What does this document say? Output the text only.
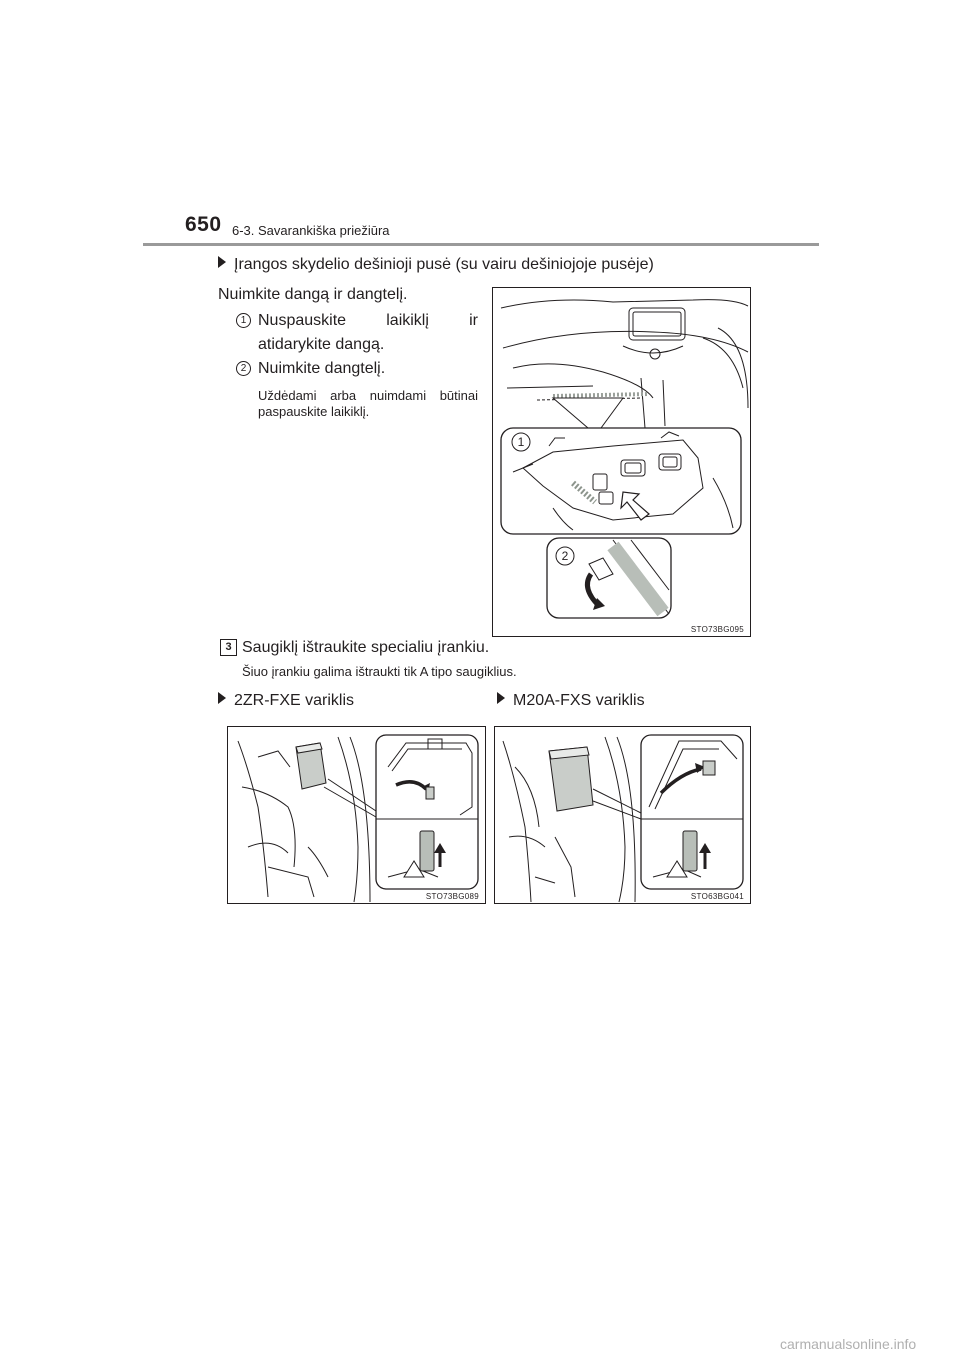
650 6-3. Savarankiška priežiūra
Įrangos skydelio dešinioji pusė (su vairu dešiniojoje pusėje)
Nuimkite dangą ir dangtelį.
1 Nuspauskite laikiklį ir atidarykite dangą.
2 Nuimkite dangtelį.
Uždėdami arba nuimdami būtinai paspauskite laikiklį.
1
2
STO73BG095
3 Saugiklį ištraukite specialiu įrankiu.
Šiuo įrankiu galima ištraukti tik A tipo saugiklius.
2ZR-FXE variklis	M20A-FXS variklis
STO73BG089	STO63BG041
carmanualsonline.info
